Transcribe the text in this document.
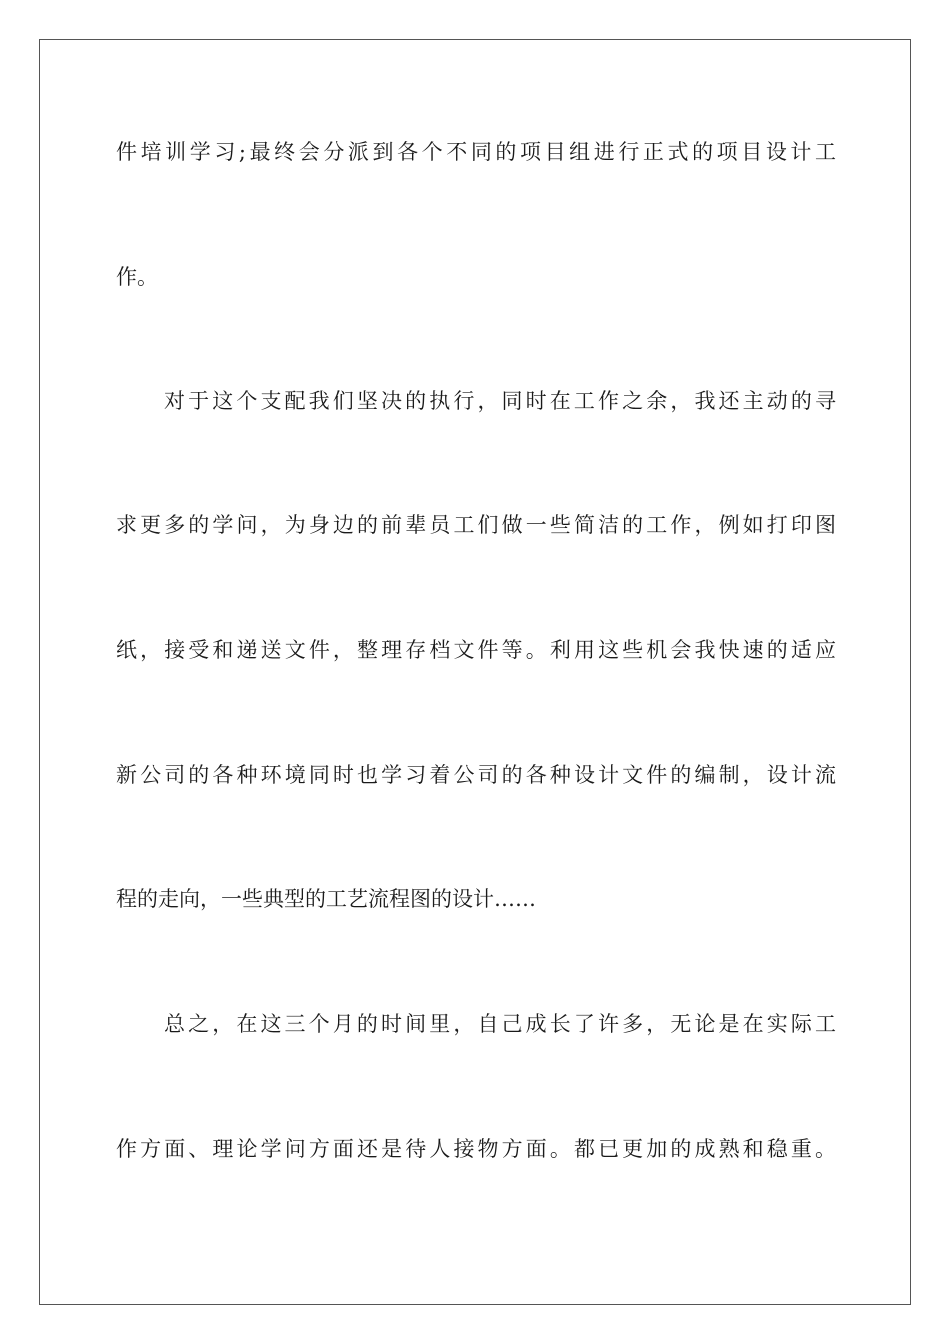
件培训学习;最终会分派到各个不同的项目组进行正式的项目设计工
作。
对于这个支配我们坚决的执行，同时在工作之余，我还主动的寻
求更多的学问，为身边的前辈员工们做一些简洁的工作，例如打印图
纸，接受和递送文件，整理存档文件等。利用这些机会我快速的适应
新公司的各种环境同时也学习着公司的各种设计文件的编制，设计流
程的走向，一些典型的工艺流程图的设计……
总之，在这三个月的时间里，自己成长了许多，无论是在实际工
作方面、理论学问方面还是待人接物方面。都已更加的成熟和稳重。
